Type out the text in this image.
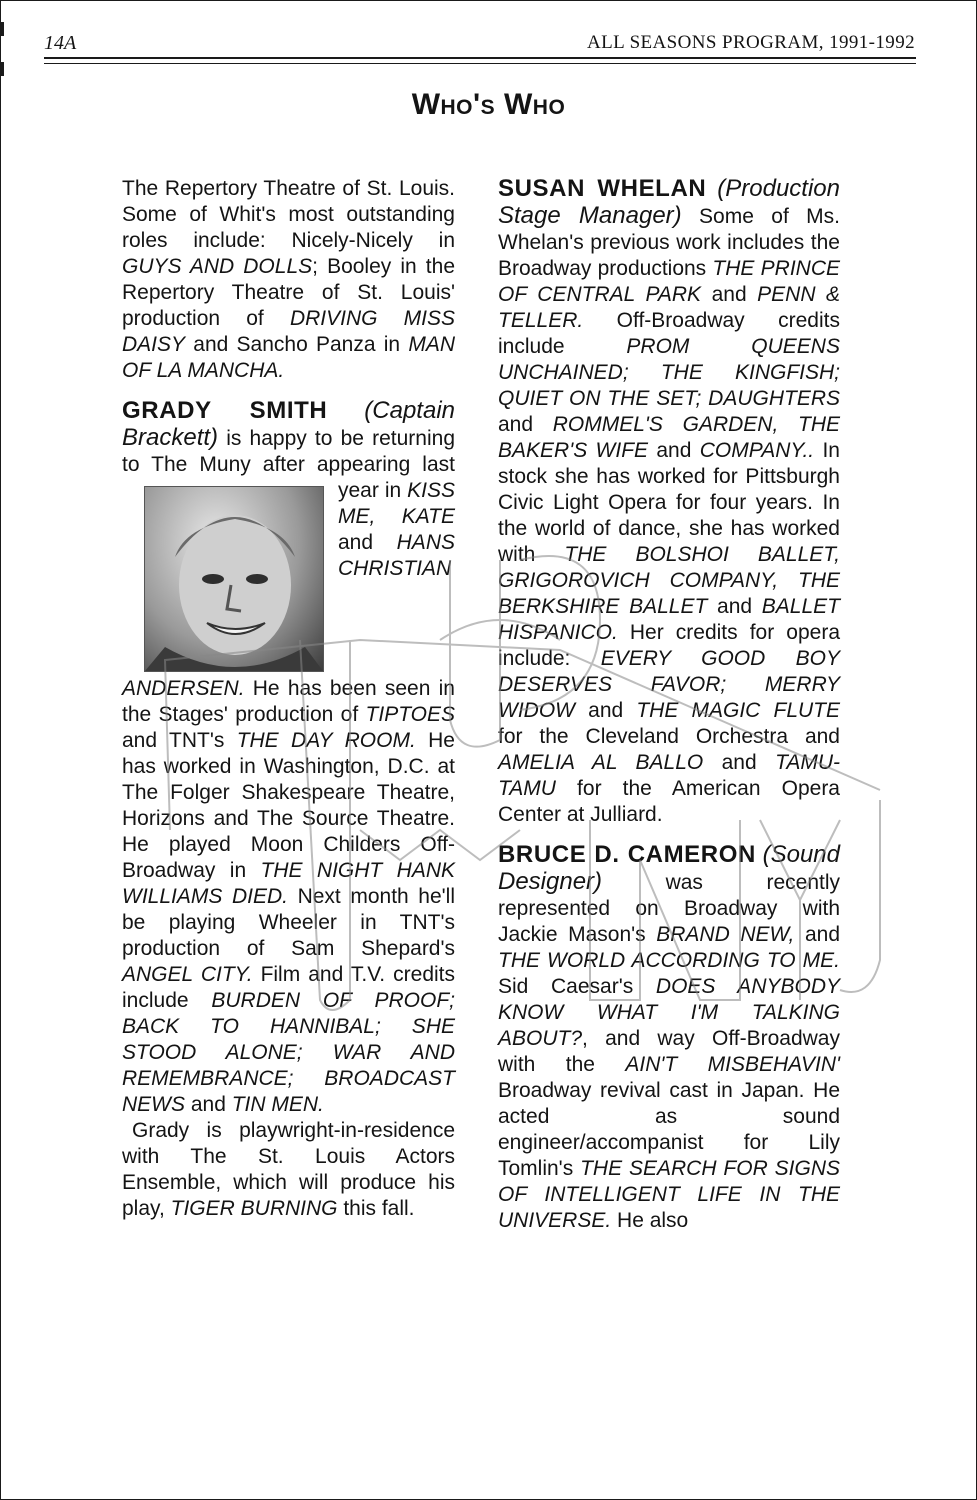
14A	ALL SEASONS PROGRAM, 1991-1992
Who's Who

The Repertory Theatre of St. Louis. Some of Whit's most outstanding roles include: Nicely-Nicely in GUYS AND DOLLS; Booley in the Repertory Theatre of St. Louis' production of DRIVING MISS DAISY and Sancho Panza in MAN OF LA MANCHA.

GRADY SMITH (Captain Brackett) is happy to be returning to The Muny after appearing last year in
KISS ME, KATE and HANS CHRISTIAN ANDERSEN. He has been seen in the Stages' production of TIPTOES and TNT's THE DAY ROOM. He has worked in Washington, D.C. at The Folger Shakespeare Theatre, Horizons and The Source Theatre. He played Moon Childers Off-Broadway in THE NIGHT HANK WILLIAMS DIED. Next month he'll be playing Wheeler in TNT's production of Sam Shepard's ANGEL CITY. Film and T.V. credits include BURDEN OF PROOF; BACK TO HANNIBAL; SHE STOOD ALONE; WAR AND REMEMBRANCE; BROADCAST NEWS and TIN MEN.

Grady is playwright-in-residence with The St. Louis Actors Ensemble, which will produce his play, TIGER BURNING this fall.

SUSAN WHELAN (Production Stage Manager) Some of Ms. Whelan's previous work includes the Broadway productions THE PRINCE OF CENTRAL PARK and PENN & TELLER. Off-Broadway credits include PROM QUEENS UNCHAINED; THE KINGFISH; QUIET ON THE SET; DAUGHTERS and ROMMEL'S GARDEN, THE BAKER'S WIFE and COMPANY.. In stock she has worked for Pittsburgh Civic Light Opera for four years. In the world of dance, she has worked with THE BOLSHOI BALLET, GRIGOROVICH COMPANY, THE BERKSHIRE BALLET and BALLET HISPANICO. Her credits for opera include: EVERY GOOD BOY DESERVES FAVOR; MERRY WIDOW and THE MAGIC FLUTE for the Cleveland Orchestra and AMELIA AL BALLO and TAMU-TAMU for the American Opera Center at Julliard.

BRUCE D. CAMERON (Sound Designer) was recently represented on Broadway with Jackie Mason's BRAND NEW, and THE WORLD ACCORDING TO ME. Sid Caesar's DOES ANYBODY KNOW WHAT I'M TALKING ABOUT?, and way Off-Broadway with the AIN'T MISBEHAVIN' Broadway revival cast in Japan. He acted as sound engineer/accompanist for Lily Tomlin's THE SEARCH FOR SIGNS OF INTELLIGENT LIFE IN THE UNIVERSE. He also
